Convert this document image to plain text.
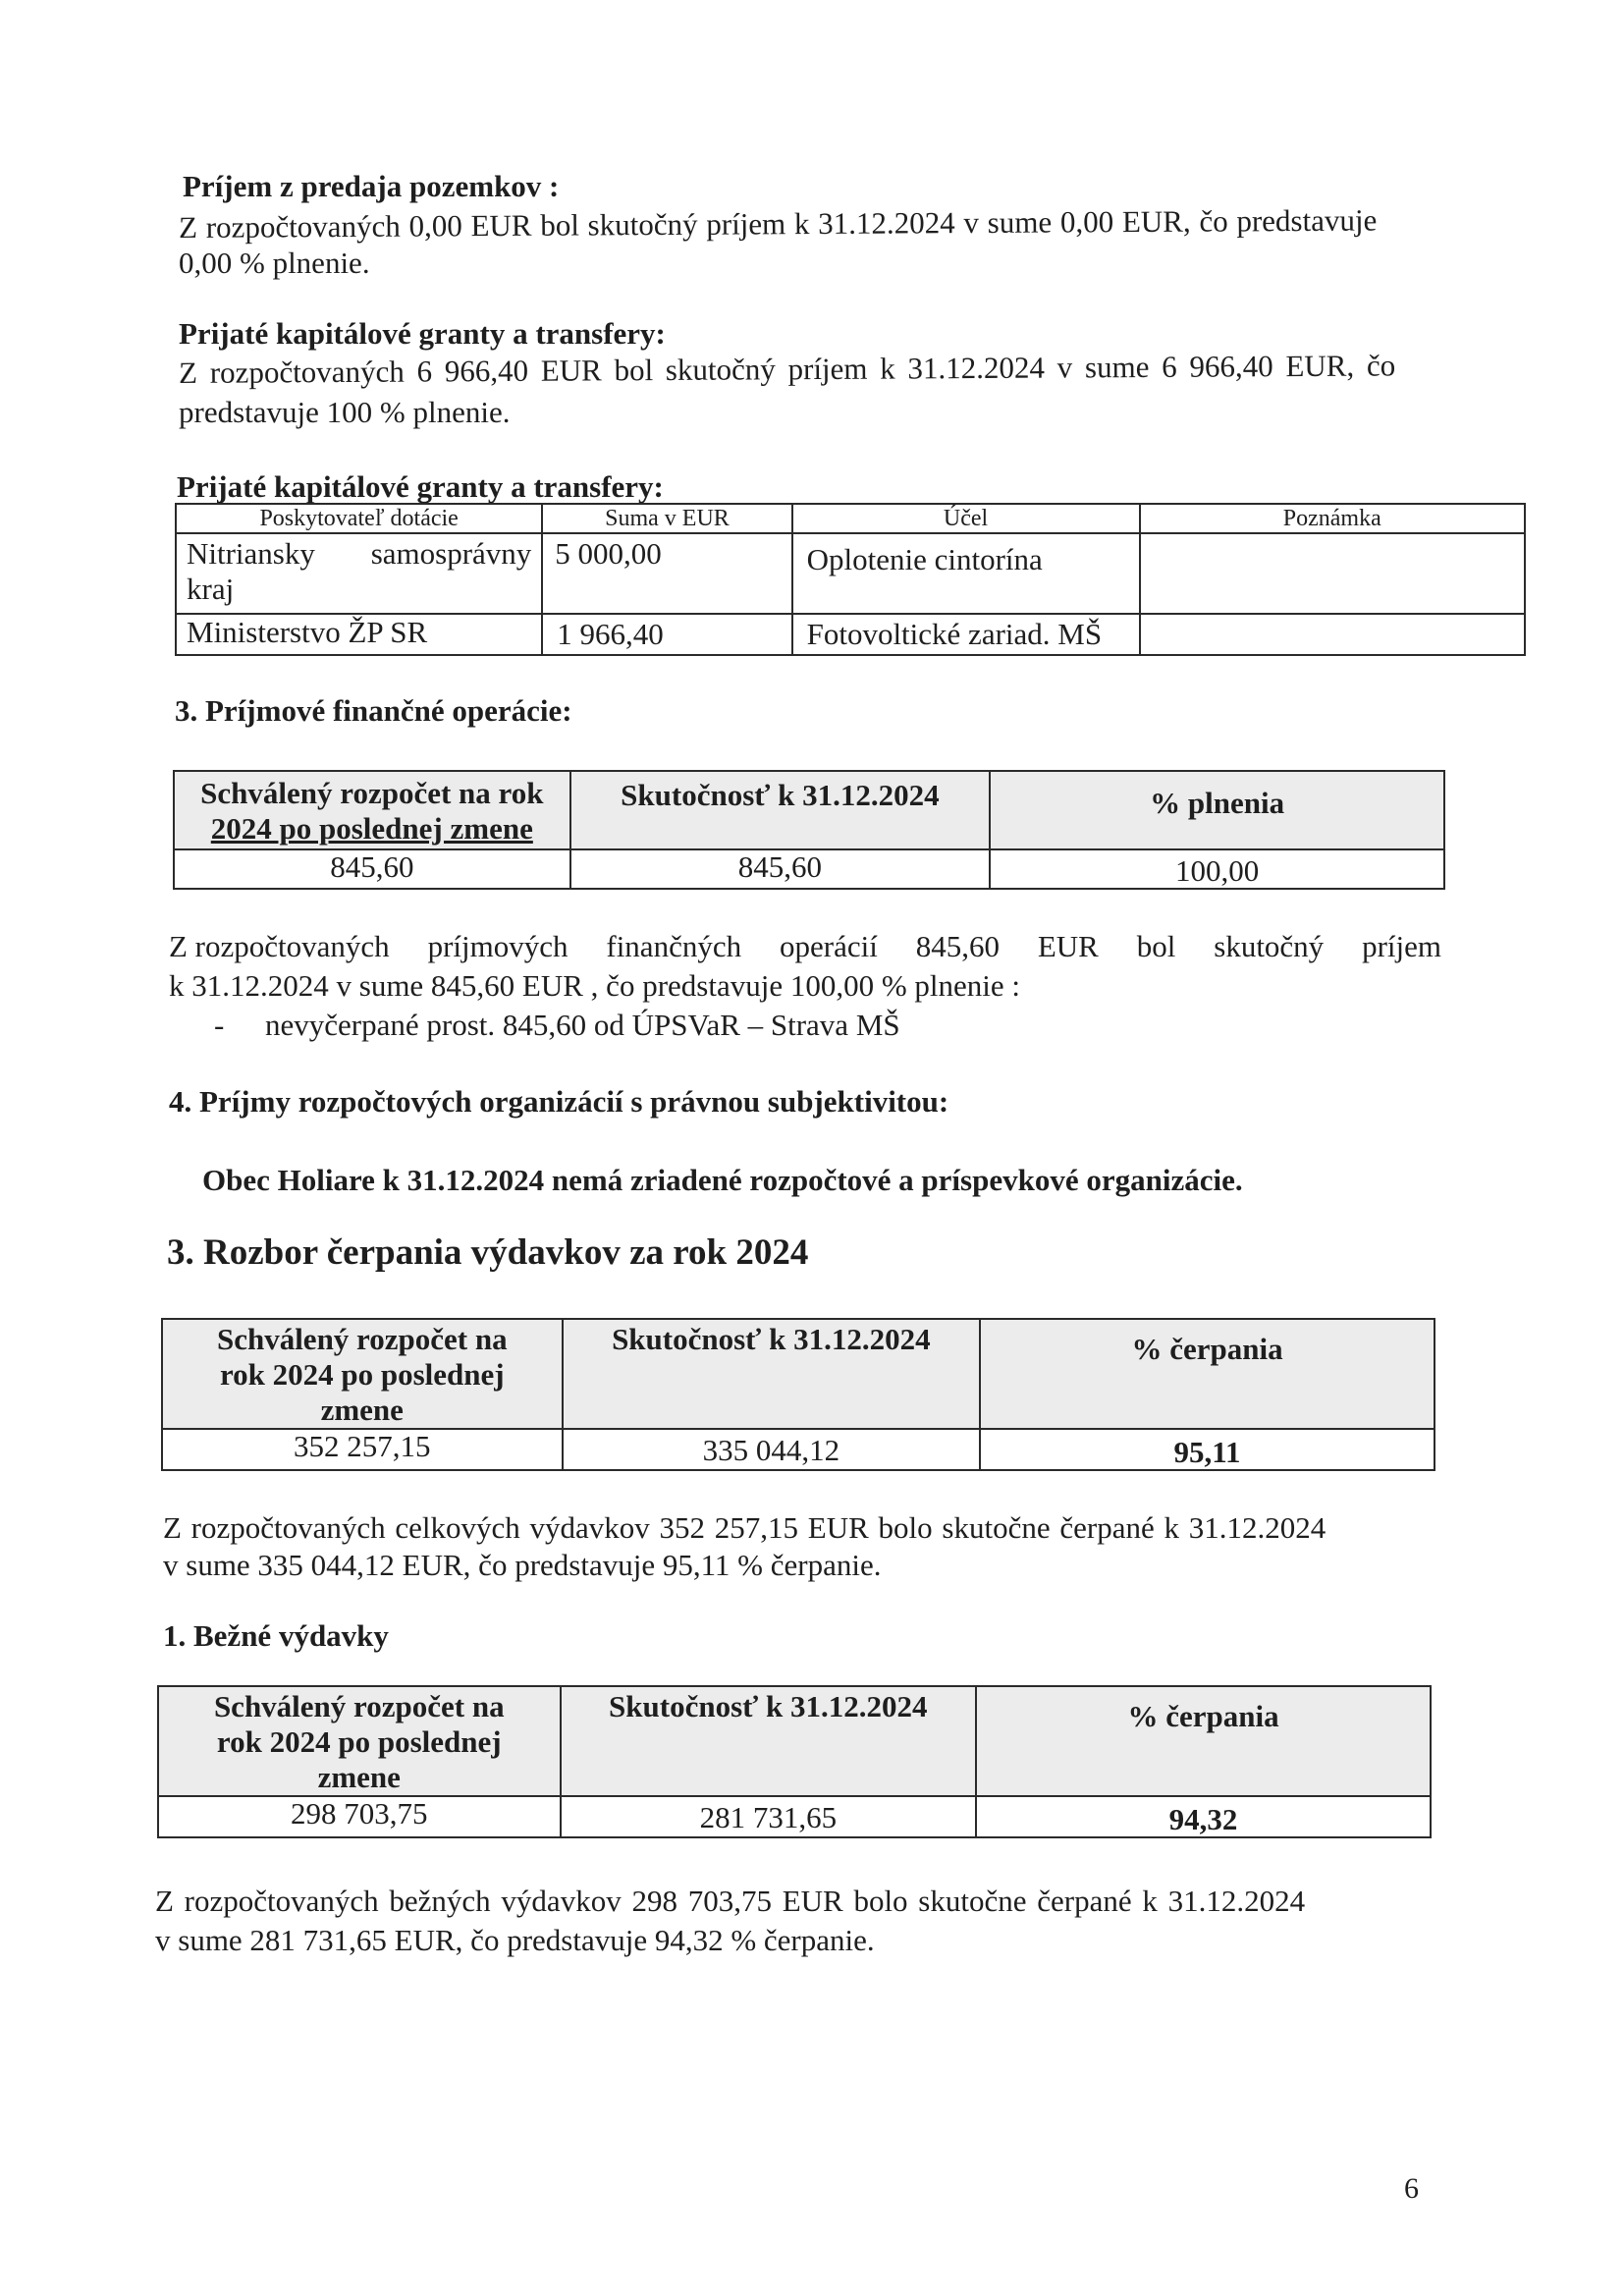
Príjem z predaja pozemkov :
Z rozpočtovaných 0,00 EUR bol skutočný príjem k 31.12.2024 v sume 0,00 EUR, čo predstavuje
0,00 % plnenie.
Prijaté kapitálové granty a transfery:
Z rozpočtovaných 6 966,40 EUR bol skutočný príjem k 31.12.2024 v sume 6 966,40 EUR, čo
predstavuje 100 % plnenie.
Prijaté kapitálové granty a transfery:
Poskytovateľ dotácie	Suma v EUR	Účel	Poznámka

Nitriansky samosprávny
kraj	5 000,00	Oplotenie cintorína	
Ministerstvo ŽP SR	1 966,40	Fotovoltické zariad. MŠ	
3. Príjmové finančné operácie:
Schválený rozpočet na rok
2024 po poslednej zmene	Skutočnosť k 31.12.2024	% plnenia
845,60	845,60	100,00
Z rozpočtovaných príjmových finančných operácií 845,60 EUR bol skutočný príjem
k 31.12.2024 v sume 845,60 EUR , čo predstavuje 100,00 % plnenie :
- nevyčerpané prost. 845,60 od ÚPSVaR – Strava MŠ
4. Príjmy rozpočtových organizácií s právnou subjektivitou:
Obec Holiare k 31.12.2024 nemá zriadené rozpočtové a príspevkové organizácie.
3. Rozbor čerpania výdavkov za rok 2024
Schválený rozpočet na
rok 2024 po poslednej
zmene	Skutočnosť k 31.12.2024	% čerpania
352 257,15	335 044,12	95,11
Z rozpočtovaných celkových výdavkov 352 257,15 EUR bolo skutočne čerpané k 31.12.2024
v sume 335 044,12 EUR, čo predstavuje 95,11 % čerpanie.
1. Bežné výdavky
Schválený rozpočet na
rok 2024 po poslednej
zmene	Skutočnosť k 31.12.2024	% čerpania
298 703,75	281 731,65	94,32
Z rozpočtovaných bežných výdavkov 298 703,75 EUR bolo skutočne čerpané k 31.12.2024
v sume 281 731,65 EUR, čo predstavuje 94,32 % čerpanie.
6
